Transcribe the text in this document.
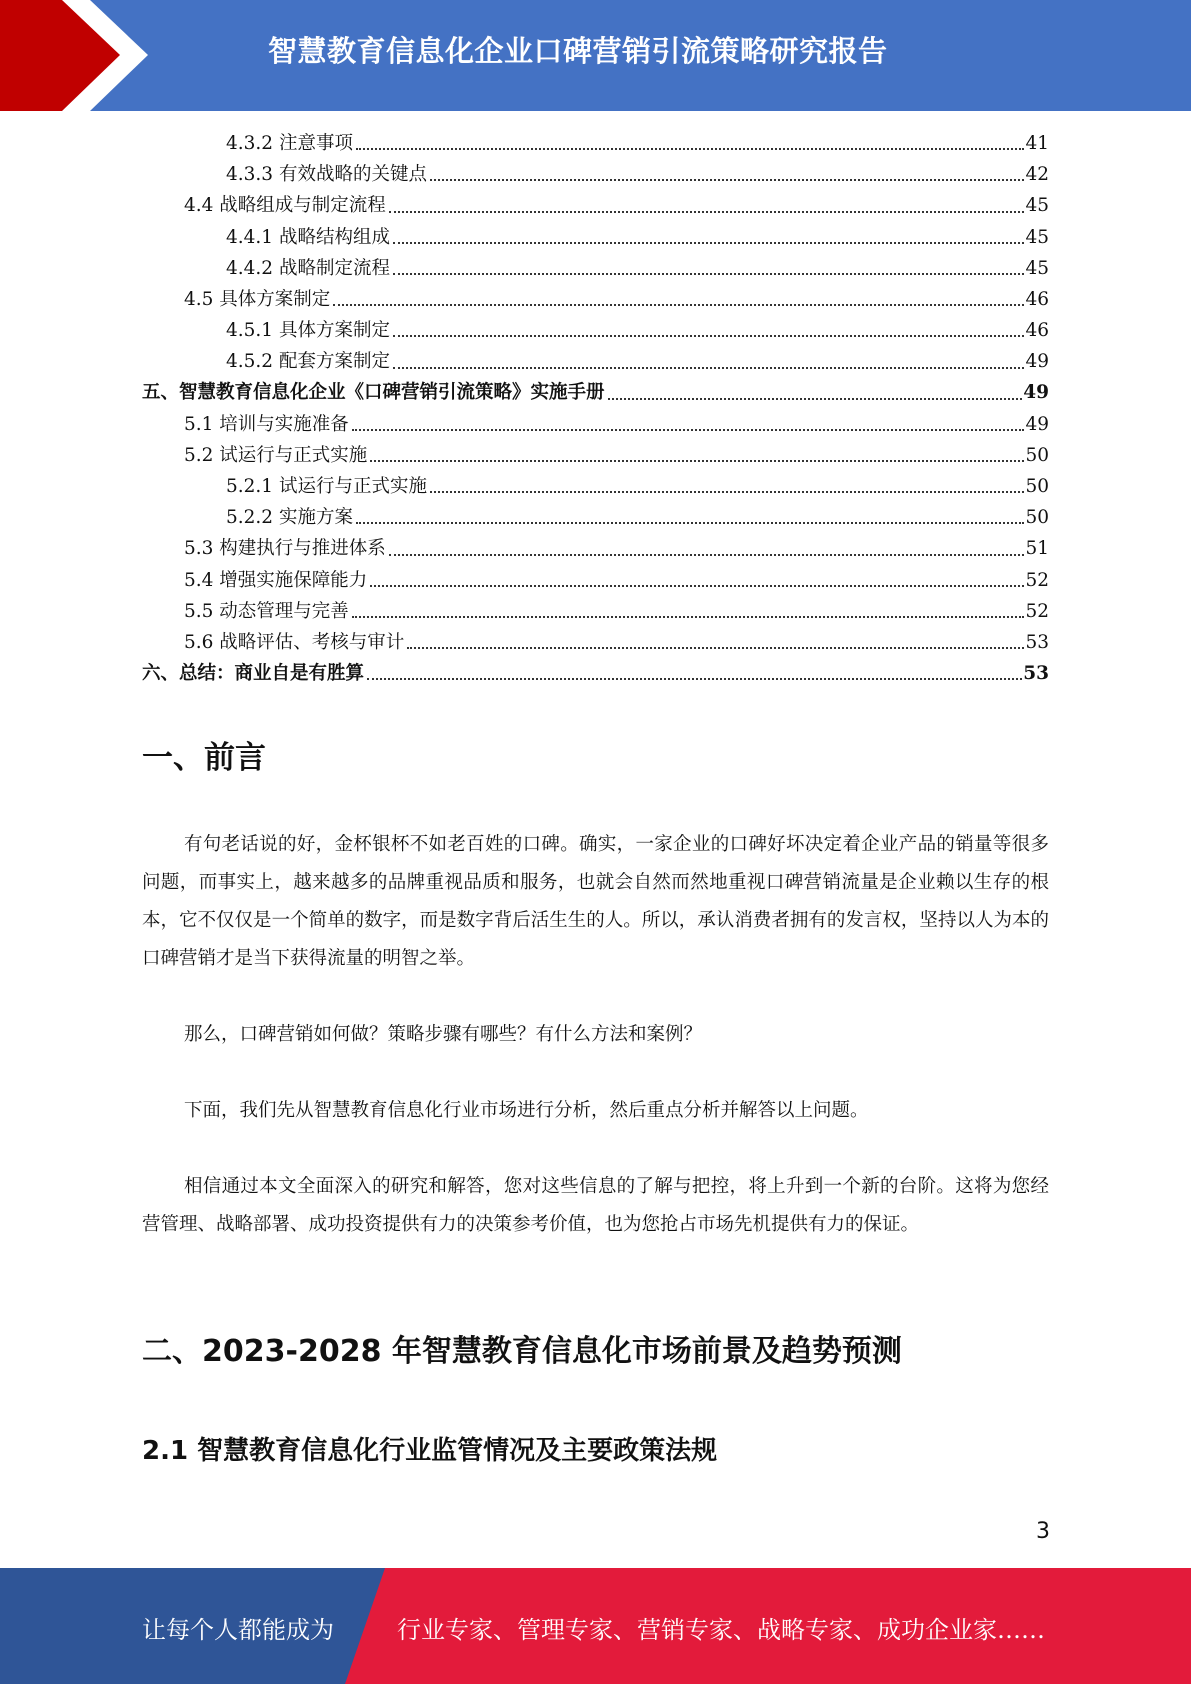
智慧教育信息化企业口碑营销引流策略研究报告
4.3.2 注意事项	41
4.3.3 有效战略的关键点	42
4.4 战略组成与制定流程	45
4.4.1 战略结构组成	45
4.4.2 战略制定流程	45
4.5 具体方案制定	46
4.5.1 具体方案制定	46
4.5.2 配套方案制定	49
五、智慧教育信息化企业《口碑营销引流策略》实施手册	49
5.1 培训与实施准备	49
5.2 试运行与正式实施	50
5.2.1 试运行与正式实施	50
5.2.2 实施方案	50
5.3 构建执行与推进体系	51
5.4 增强实施保障能力	52
5.5 动态管理与完善	52
5.6 战略评估、考核与审计	53
六、总结：商业自是有胜算	53
一、前言

有句老话说的好，金杯银杯不如老百姓的口碑。确实，一家企业的口碑好坏决定着企业产品的销量等很多问题，而事实上，越来越多的品牌重视品质和服务，也就会自然而然地重视口碑营销流量是企业赖以生存的根本，它不仅仅是一个简单的数字，而是数字背后活生生的人。所以，承认消费者拥有的发言权，坚持以人为本的口碑营销才是当下获得流量的明智之举。

那么，口碑营销如何做？策略步骤有哪些？有什么方法和案例？

下面，我们先从智慧教育信息化行业市场进行分析，然后重点分析并解答以上问题。

相信通过本文全面深入的研究和解答，您对这些信息的了解与把控，将上升到一个新的台阶。这将为您经营管理、战略部署、成功投资提供有力的决策参考价值，也为您抢占市场先机提供有力的保证。

二、2023-2028 年智慧教育信息化市场前景及趋势预测
2.1 智慧教育信息化行业监管情况及主要政策法规
3
让每个人都能成为	行业专家、管理专家、营销专家、战略专家、成功企业家……
